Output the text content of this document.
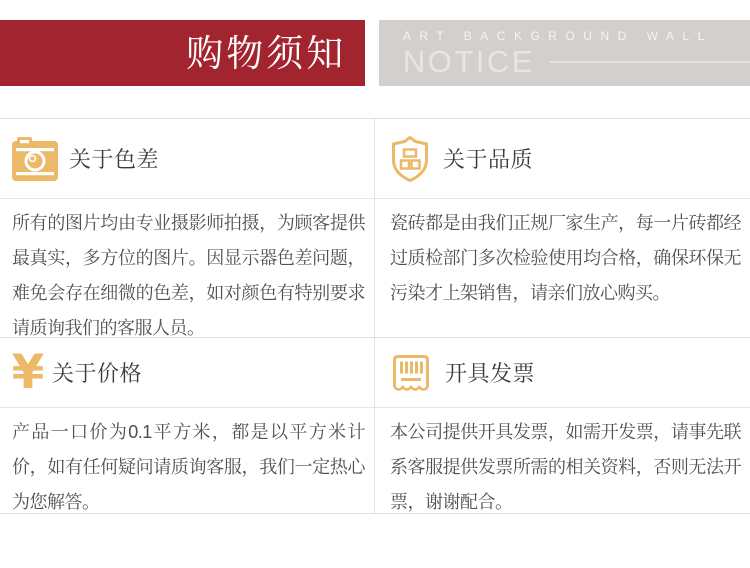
购物须知	ART BACKGROUND WALL
NOTICE
关于色差
所有的图片均由专业摄影师拍摄，为顾客提供最真实，多方位的图片。因显示器色差问题，难免会存在细微的色差，如对颜色有特别要求请质询我们的客服人员。
关于品质
瓷砖都是由我们正规厂家生产，每一片砖都经过质检部门多次检验使用均合格，确保环保无污染才上架销售，请亲们放心购买。
¥ 关于价格
产品一口价为0.1平方米，都是以平方米计价，如有任何疑问请质询客服，我们一定热心为您解答。
开具发票
本公司提供开具发票，如需开发票，请事先联系客服提供发票所需的相关资料，否则无法开票，谢谢配合。
